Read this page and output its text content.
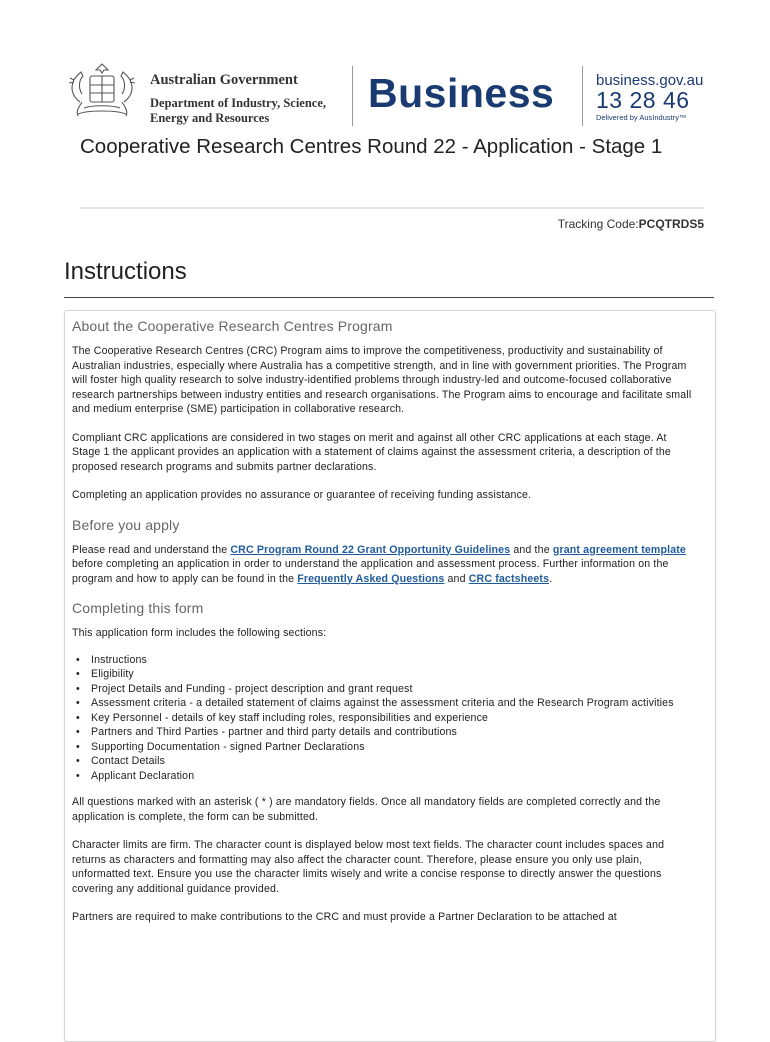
Australian Government
Department of Industry, Science,
Energy and Resources
Business	business.gov.au
13 28 46
Delivered by AusIndustry™
Cooperative Research Centres Round 22 - Application - Stage 1
Tracking Code:PCQTRDS5
Instructions
About the Cooperative Research Centres Program

The Cooperative Research Centres (CRC) Program aims to improve the competitiveness, productivity and sustainability of Australian industries, especially where Australia has a competitive strength, and in line with government priorities. The Program will foster high quality research to solve industry-identified problems through industry-led and outcome-focused collaborative research partnerships between industry entities and research organisations. The Program aims to encourage and facilitate small and medium enterprise (SME) participation in collaborative research.

Compliant CRC applications are considered in two stages on merit and against all other CRC applications at each stage. At Stage 1 the applicant provides an application with a statement of claims against the assessment criteria, a description of the proposed research programs and submits partner declarations.

Completing an application provides no assurance or guarantee of receiving funding assistance.

Before you apply

Please read and understand the CRC Program Round 22 Grant Opportunity Guidelines and the grant agreement template before completing an application in order to understand the application and assessment process. Further information on the program and how to apply can be found in the Frequently Asked Questions and CRC factsheets.

Completing this form

This application form includes the following sections:

• Instructions
• Eligibility
• Project Details and Funding - project description and grant request
• Assessment criteria - a detailed statement of claims against the assessment criteria and the Research Program activities
• Key Personnel - details of key staff including roles, responsibilities and experience
• Partners and Third Parties - partner and third party details and contributions
• Supporting Documentation - signed Partner Declarations
• Contact Details
• Applicant Declaration

All questions marked with an asterisk ( * ) are mandatory fields. Once all mandatory fields are completed correctly and the application is complete, the form can be submitted.

Character limits are firm. The character count is displayed below most text fields. The character count includes spaces and returns as characters and formatting may also affect the character count. Therefore, please ensure you only use plain, unformatted text. Ensure you use the character limits wisely and write a concise response to directly answer the questions covering any additional guidance provided.

Partners are required to make contributions to the CRC and must provide a Partner Declaration to be attached at
